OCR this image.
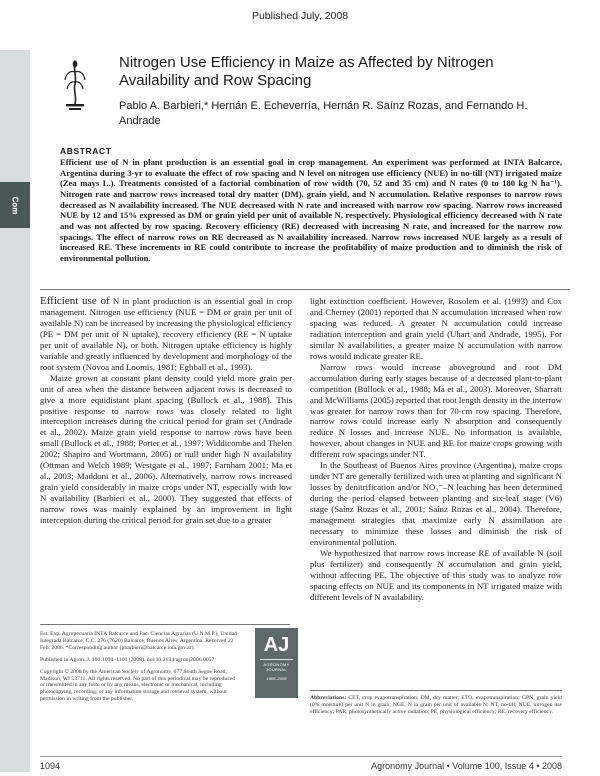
Published July, 2008
Com
Nitrogen Use Efficiency in Maize as Affected by Nitrogen Availability and Row Spacing
Pablo A. Barbieri,* Hernán E. Echeverría, Hernán R. Saínz Rozas, and Fernando H. Andrade
ABSTRACT
Efficient use of N in plant production is an essential goal in crop management. An experiment was performed at INTA Balcarce, Argentina during 3-yr to evaluate the effect of row spacing and N level on nitrogen use efficiency (NUE) in no-till (NT) irrigated maize (Zea mays L.). Treatments consisted of a factorial combination of row width (70, 52 and 35 cm) and N rates (0 to 180 kg N ha⁻¹). Nitrogen rate and narrow rows increased total dry matter (DM), grain yield, and N accumulation. Relative responses to narrow rows decreased as N availability increased. The NUE decreased with N rate and increased with narrow row spacing. Narrow rows increased NUE by 12 and 15% expressed as DM or grain yield per unit of available N, respectively. Physiological efficiency decreased with N rate and was not affected by row spacing. Recovery efficiency (RE) decreased with increasing N rate, and increased for the narrow row spacings. The effect of narrow rows on RE decreased as N availability increased. Narrow rows increased NUE largely as a result of increased RE. These increments in RE could contribute to increase the profitability of maize production and to diminish the risk of environmental pollution.

Efficient use of N in plant production is an essential goal in crop management. Nitrogen use efficiency (NUE = DM or grain per unit of available N) can be increased by increasing the physiological efficiency (PE = DM per unit of N uptake), recovery efficiency (RE = N uptake per unit of available N), or both. Nitrogen uptake efficiency is highly variable and greatly influenced by development and morphology of the root system (Novoa and Loomis, 1981; Eghball et al., 1993).

Maize grown at constant plant density could yield more grain per unit of area when the distance between adjacent rows is decreased to give a more equidistant plant spacing (Bullock et al., 1988). This positive response to narrow rows was closely related to light interception increases during the critical period for grain set (Andrade et al., 2002). Maize grain yield response to narrow rows have been small (Bullock et al., 1988; Porter et al., 1997; Widdicombe and Thelen 2002; Shapiro and Wortmann, 2005) or null under high N availability (Ottman and Welch 1989; Westgate et al., 1997; Farnham 2001; Ma et al., 2003; Maddoni et al., 2006). Alternatively, narrow rows increased grain yield considerably in maize crops under NT, especially with low N availability (Barbieri et al., 2000). They suggested that effects of narrow rows was mainly explained by an improvement in light interception during the critical period for grain set due to a greater

light extinction coefficient. However, Rosolem et al. (1993) and Cox and Cherney (2001) reported that N accumulation increased when row spacing was reduced. A greater N accumulation could increase radiation interception and grain yield (Uhart and Andrade, 1995). For similar N availabilities, a greater maize N accumulation with narrow rows would indicate greater RE.

Narrow rows would increase aboveground and root DM accumulation during early stages because of a decreased plant-to-plant competition (Bullock et al., 1988; Ma et al., 2003). Moreover, Sharratt and McWilliams (2005) reported that root length density in the interrow was greater for narrow rows than for 70-cm row spacing. Therefore, narrow rows could increase early N absorption and consequently reduce N losses and increase NUE. No information is available, however, about changes in NUE and RE for maize crops growing with different row spacings under NT.

In the Southeast of Buenos Aires province (Argentina), maize crops under NT are generally fertilized with urea at planting and significant N losses by denitrification and/or NO₃⁻–N leaching has been determined during the period elapsed between planting and six-leaf stage (V6) stage (Saínz Rozas et al., 2001; Saínz Rozas et al., 2004). Therefore, management strategies that maximize early N assimilation are necessary to minimize these losses and diminish the risk of environmental pollution.

We hypothesized that narrow rows increase RE of available N (soil plus fertilizer) and consequently N accumulation and grain yield, without affecting PE. The objective of this study was to analyze row spacing effects on NUE and its components in NT irrigated maize with different levels of N availability.

Est. Exp. Agropecuaria INTA Balcarce and Fac. Ciencias Agrarias (U.N.M.P.), Unidad Integrada Balcarce, C.C. 276 (7620) Balcarce, Buenos Aires, Argentina. Received 22 Feb. 2006. *Corresponding author (pbarbieri@balcarce.inta.gov.ar).

Published in Agron. J. 100:1094–1100 (2008). doi:10.2134/agronj2006.0057

Copyright © 2008 by the American Society of Agronomy, 677 South Segoe Road, Madison, WI 53711. All rights reserved. No part of this periodical may be reproduced or transmitted in any form or by any means, electronic or mechanical, including photocopying, recording, or any information storage and retrieval system, without permission in writing from the publisher.

AJ
AGRONOMY JOURNAL
1908–2008
Abbreviations: CET, crop evapotranspiration; DM, dry matter; ETO, evapotranspiration; GPN, grain yield (0% moisture) per unit N in grain; NGE, N in grain per unit of available N; NT, no-till; NUE, nitrogen use efficiency; PAR, photosynthetically active radiation; PE, physiological efficiency; RE, recovery efficiency.
1094	Agronomy Journal • Volume 100, Issue 4 • 2008
